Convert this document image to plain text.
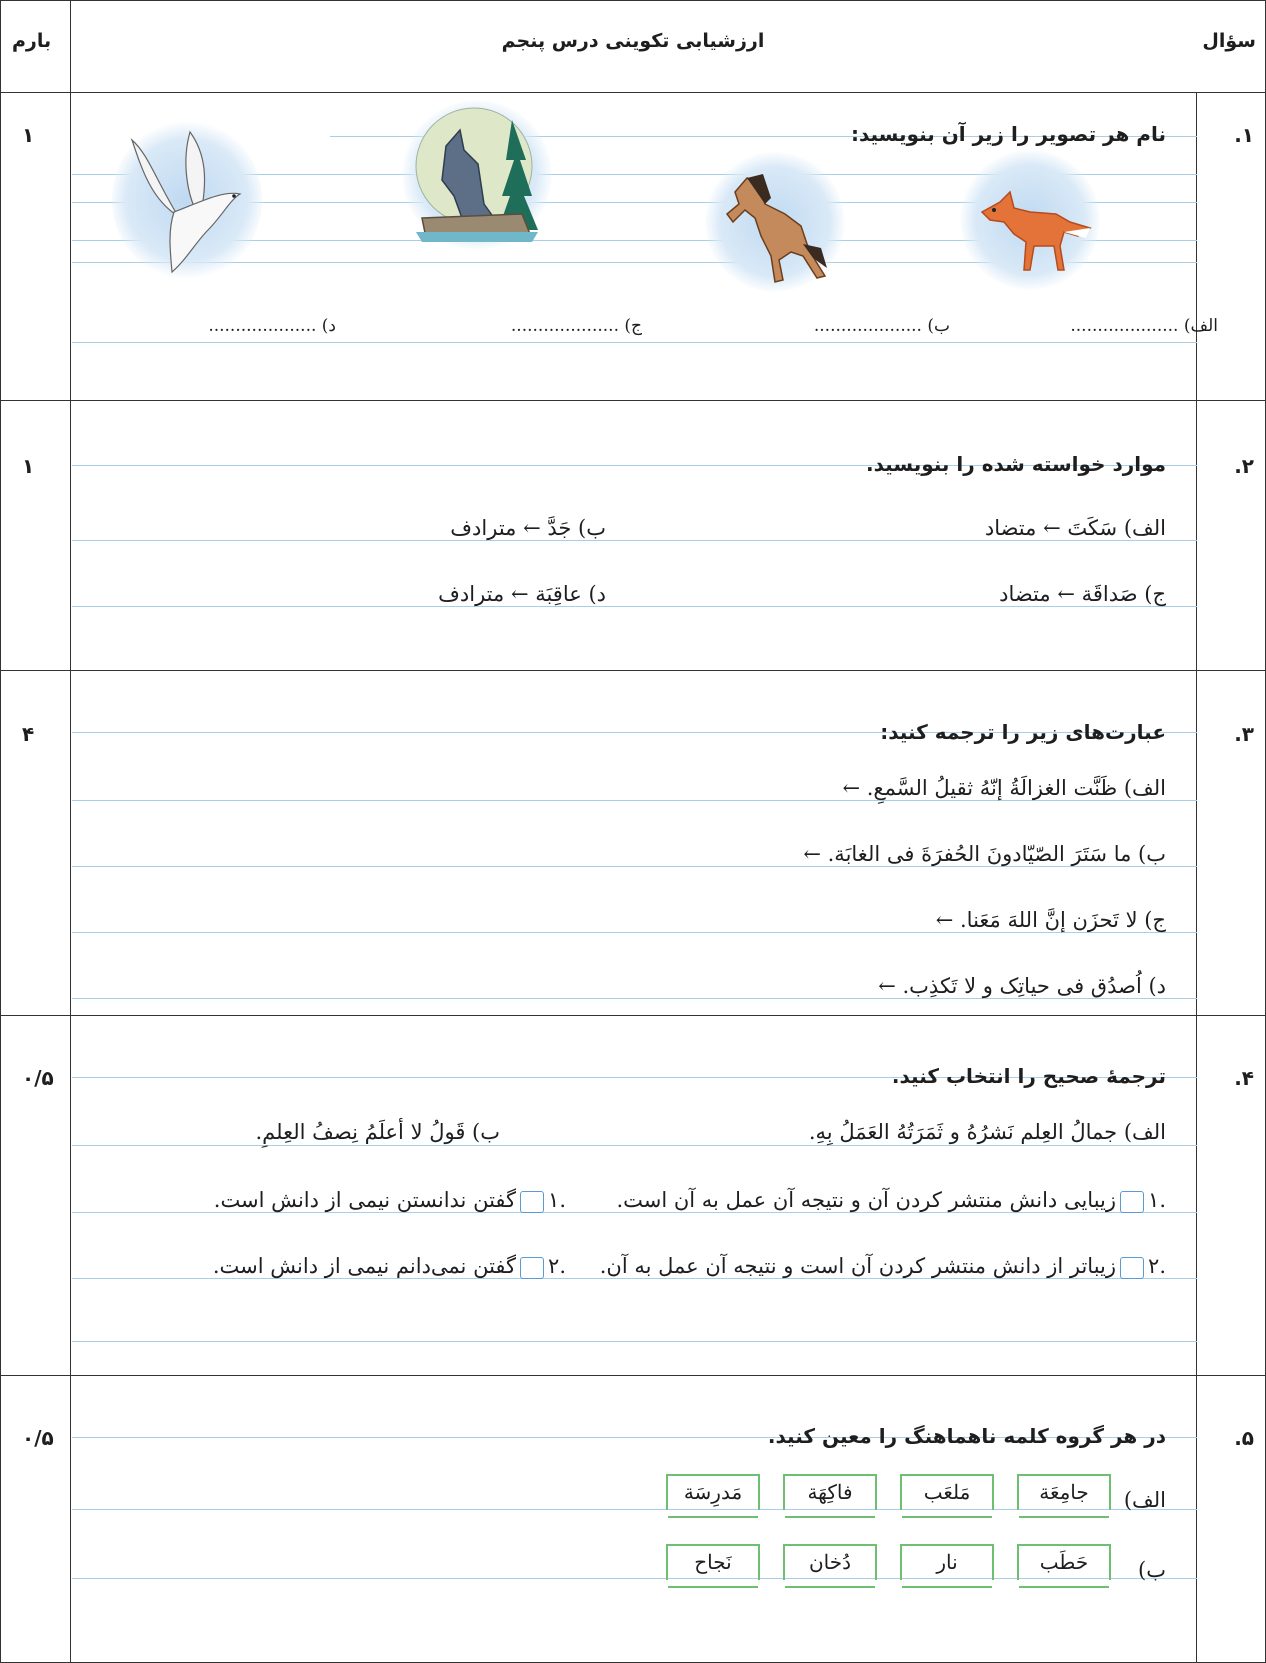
بارم	ارزشیابی تکوینی درس پنجم	سؤال
.۱
۱	نام هر تصویر را زیر آن بنویسید:
الف) ....................
ب) ....................
ج) ....................
د) ....................
.۲
۱	موارد خواسته شده را بنویسید.
الف) سَکَتَ ← متضاد
ب) جَدَّ ← مترادف
ج) صَداقَة ← متضاد
د) عاقِبَة ← مترادف
.۳
۴	عبارت‌های زیر را ترجمه کنید:
الف) ظَنَّت الغزالَةُ إنّهُ ثقیلُ السَّمعِ. ←
ب) ما سَتَرَ الصّیّادونَ الحُفرَةَ فی الغابَة. ←
ج) لا تَحزَن إنَّ اللهَ مَعَنا. ←
د) اُصدُق فی حیاتِک و لا تَکذِب. ←
.۴
۰/۵	ترجمۀ صحیح را انتخاب کنید.
الف) جمالُ العِلم نَشرُهُ و ثَمَرَتُهُ العَمَلُ بِهِ.
ب) قَولُ لا أعلَمُ نِصفُ العِلمِ.
.۱زیبایی دانش منتشر کردن آن و نتیجه آن عمل به آن است.
.۲زیباتر از دانش منتشر کردن آن است و نتیجه آن عمل به آن.
.۱گفتن ندانستن نیمی از دانش است.
.۲گفتن نمی‌دانم نیمی از دانش است.
.۵
۰/۵	در هر گروه کلمه ناهماهنگ را معین کنید.
الف)
جامِعَة
مَلعَب
فاکِهَة
مَدرِسَة
ب)
حَطَب
نار
دُخان
نَجاح
